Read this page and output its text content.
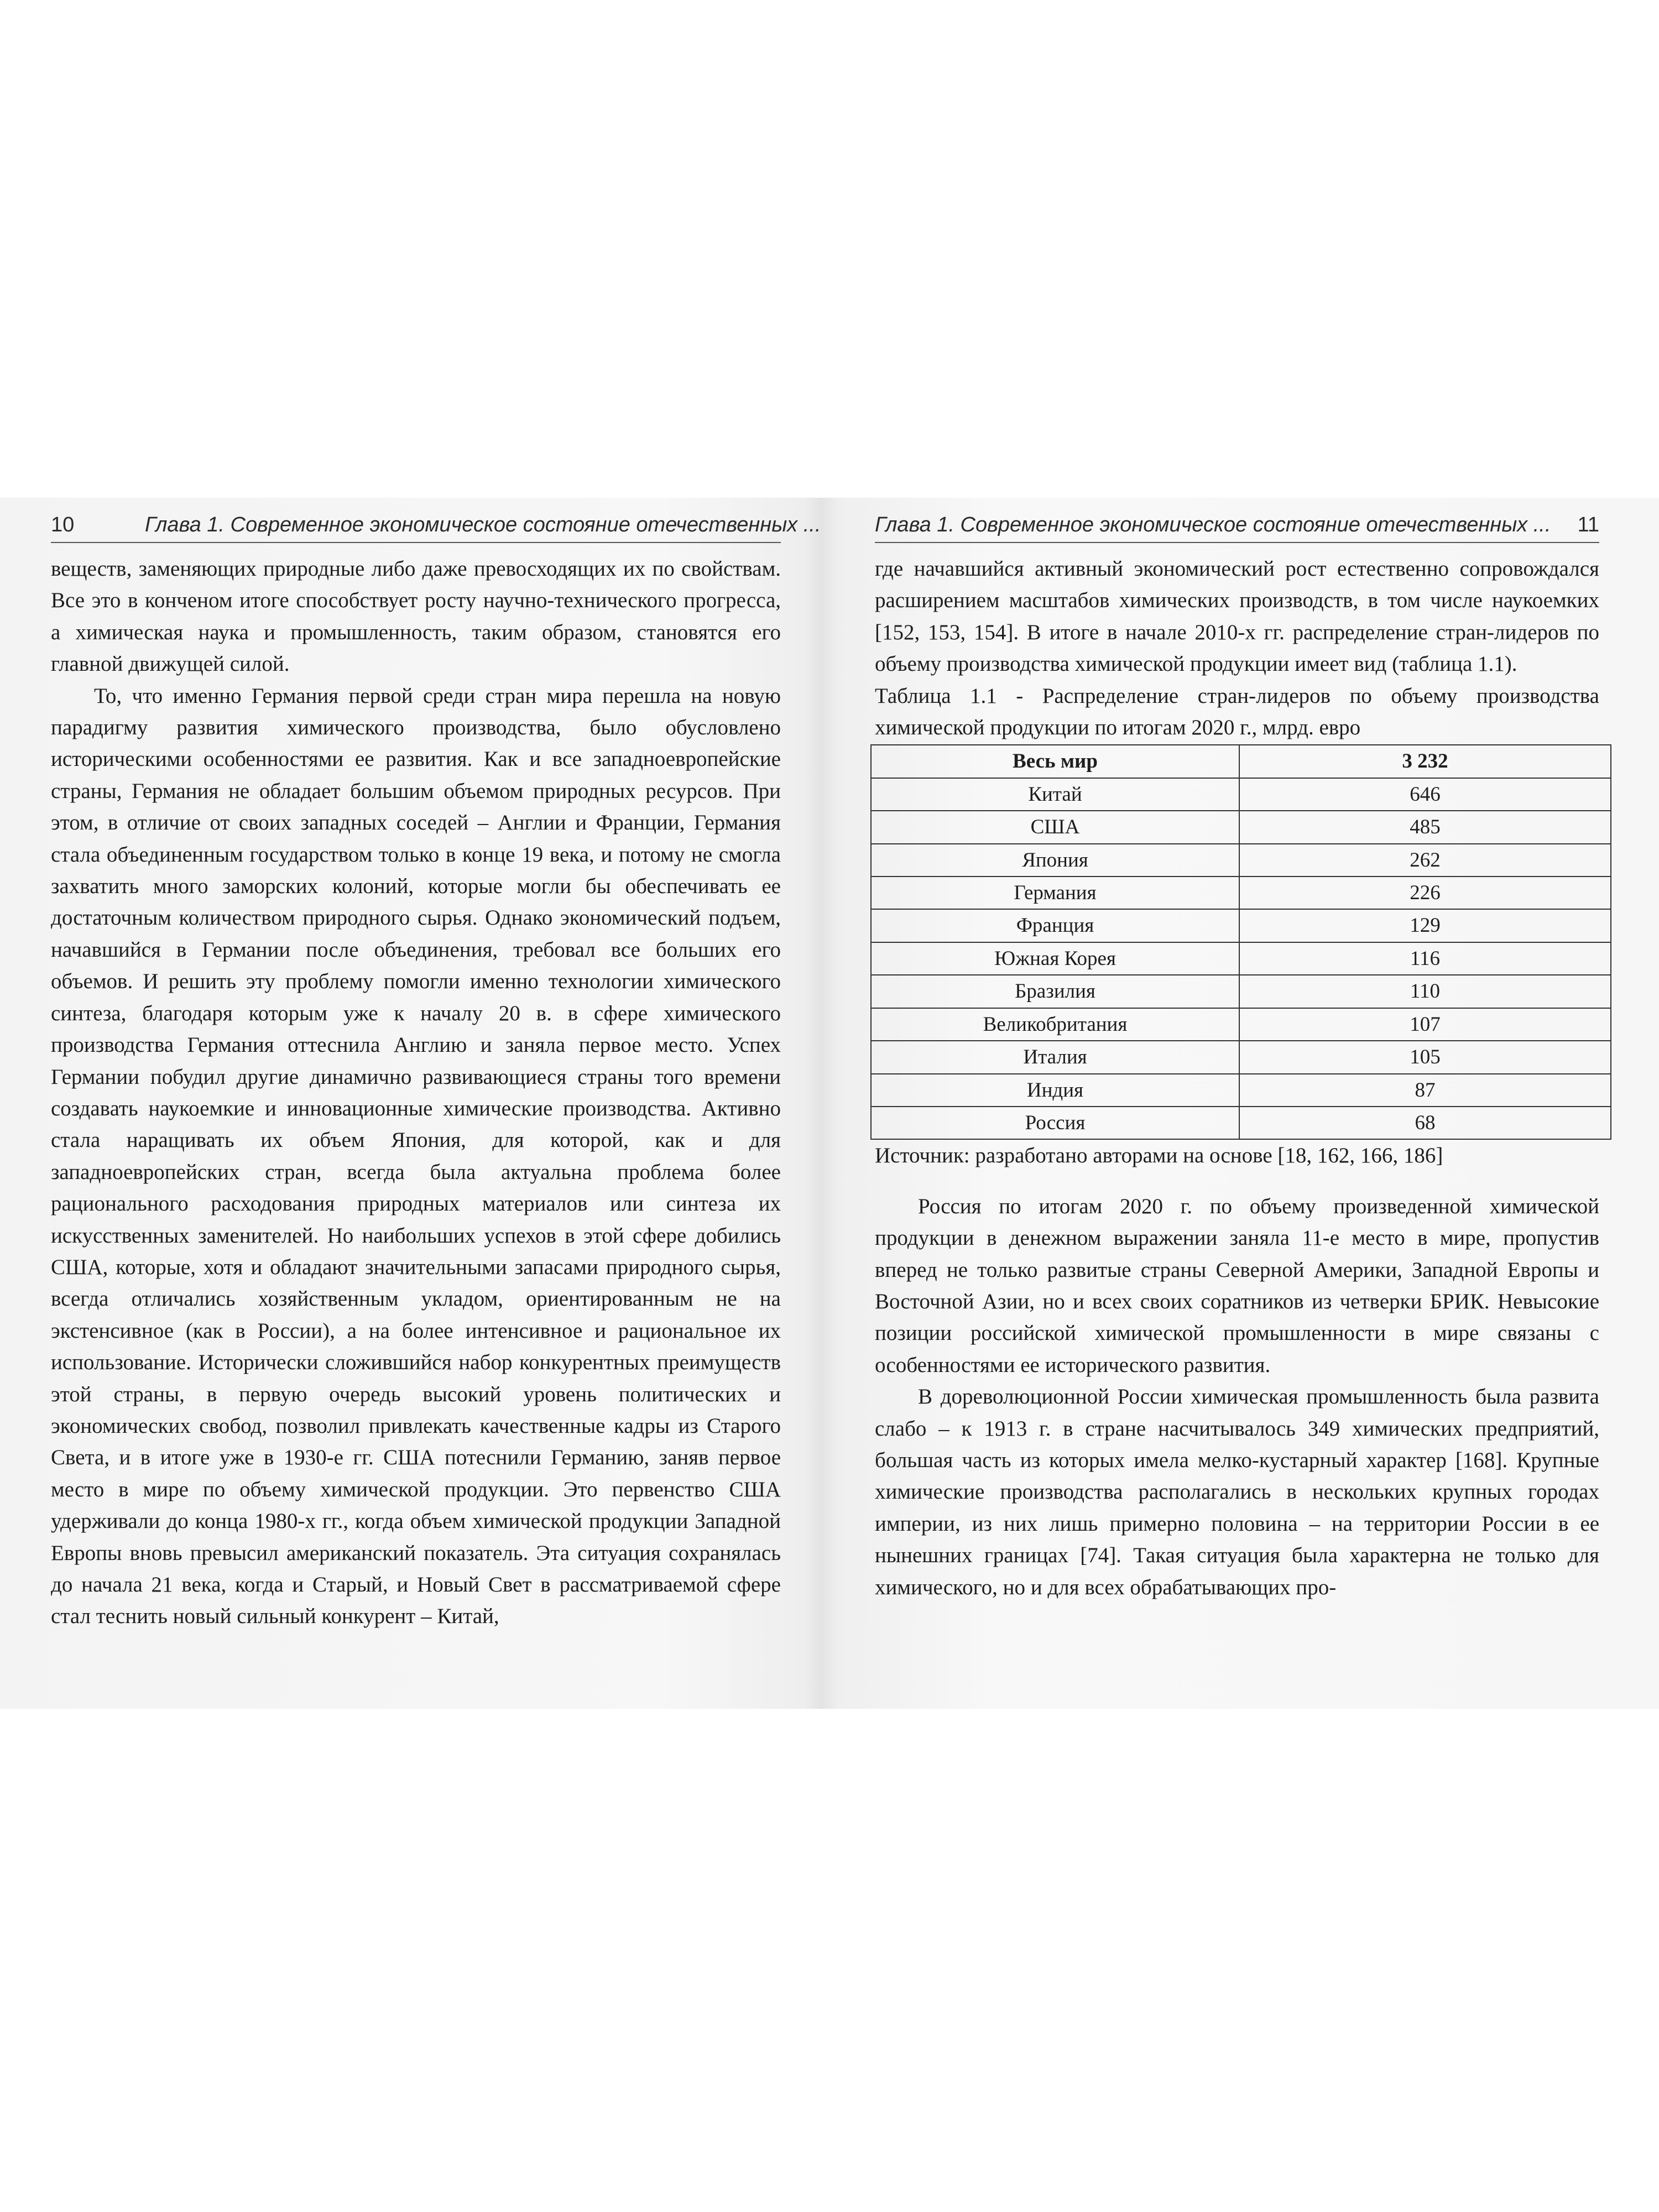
10	Глава 1. Современное экономическое состояние отечественных ...

веществ, заменяющих природные либо даже превосходящих их по свойствам. Все это в конченом итоге способствует росту научно-технического прогресса, а химическая наука и промышленность, таким образом, становятся его главной движущей силой.

То, что именно Германия первой среди стран мира перешла на новую парадигму развития химического производства, было обусловлено историческими особенностями ее развития. Как и все западноевропейские страны, Германия не обладает большим объемом природных ресурсов. При этом, в отличие от своих западных соседей – Англии и Франции, Германия стала объединенным государством только в конце 19 века, и потому не смогла захватить много заморских колоний, которые могли бы обеспечивать ее достаточным количеством природного сырья. Однако экономический подъем, начавшийся в Германии после объединения, требовал все больших его объемов. И решить эту проблему помогли именно технологии химического синтеза, благодаря которым уже к началу 20 в. в сфере химического производства Германия оттеснила Англию и заняла первое место. Успех Германии побудил другие динамично развивающиеся страны того времени создавать наукоемкие и инновационные химические производства. Активно стала наращивать их объем Япония, для которой, как и для западноевропейских стран, всегда была актуальна проблема более рационального расходования природных материалов или синтеза их искусственных заменителей. Но наибольших успехов в этой сфере добились США, которые, хотя и обладают значительными запасами природного сырья, всегда отличались хозяйственным укладом, ориентированным не на экстенсивное (как в России), а на более интенсивное и рациональное их использование. Исторически сложившийся набор конкурентных преимуществ этой страны, в первую очередь высокий уровень политических и экономических свобод, позволил привлекать качественные кадры из Старого Света, и в итоге уже в 1930-е гг. США потеснили Германию, заняв первое место в мире по объему химической продукции. Это первенство США удерживали до конца 1980-х гг., когда объем химической продукции Западной Европы вновь превысил американский показатель. Эта ситуация сохранялась до начала 21 века, когда и Старый, и Новый Свет в рассматриваемой сфере стал теснить новый сильный конкурент – Китай,

Глава 1. Современное экономическое состояние отечественных ... 11

где начавшийся активный экономический рост естественно сопровождался расширением масштабов химических производств, в том числе наукоемких [152, 153, 154]. В итоге в начале 2010-х гг. распределение стран-лидеров по объему производства химической продукции имеет вид (таблица 1.1).

Таблица 1.1 - Распределение стран-лидеров по объему производства химической продукции по итогам 2020 г., млрд. евро

Весь мир	3 232
Китай	646
США	485
Япония	262
Германия	226
Франция	129
Южная Корея	116
Бразилия	110
Великобритания	107
Италия	105
Индия	87
Россия	68

Источник: разработано авторами на основе [18, 162, 166, 186]

Россия по итогам 2020 г. по объему произведенной химической продукции в денежном выражении заняла 11-е место в мире, пропустив вперед не только развитые страны Северной Америки, Западной Европы и Восточной Азии, но и всех своих соратников из четверки БРИК. Невысокие позиции российской химической промышленности в мире связаны с особенностями ее исторического развития.

В дореволюционной России химическая промышленность была развита слабо – к 1913 г. в стране насчитывалось 349 химических предприятий, большая часть из которых имела мелко-кустарный характер [168]. Крупные химические производства располагались в нескольких крупных городах империи, из них лишь примерно половина – на территории России в ее нынешних границах [74]. Такая ситуация была характерна не только для химического, но и для всех обрабатывающих про-
